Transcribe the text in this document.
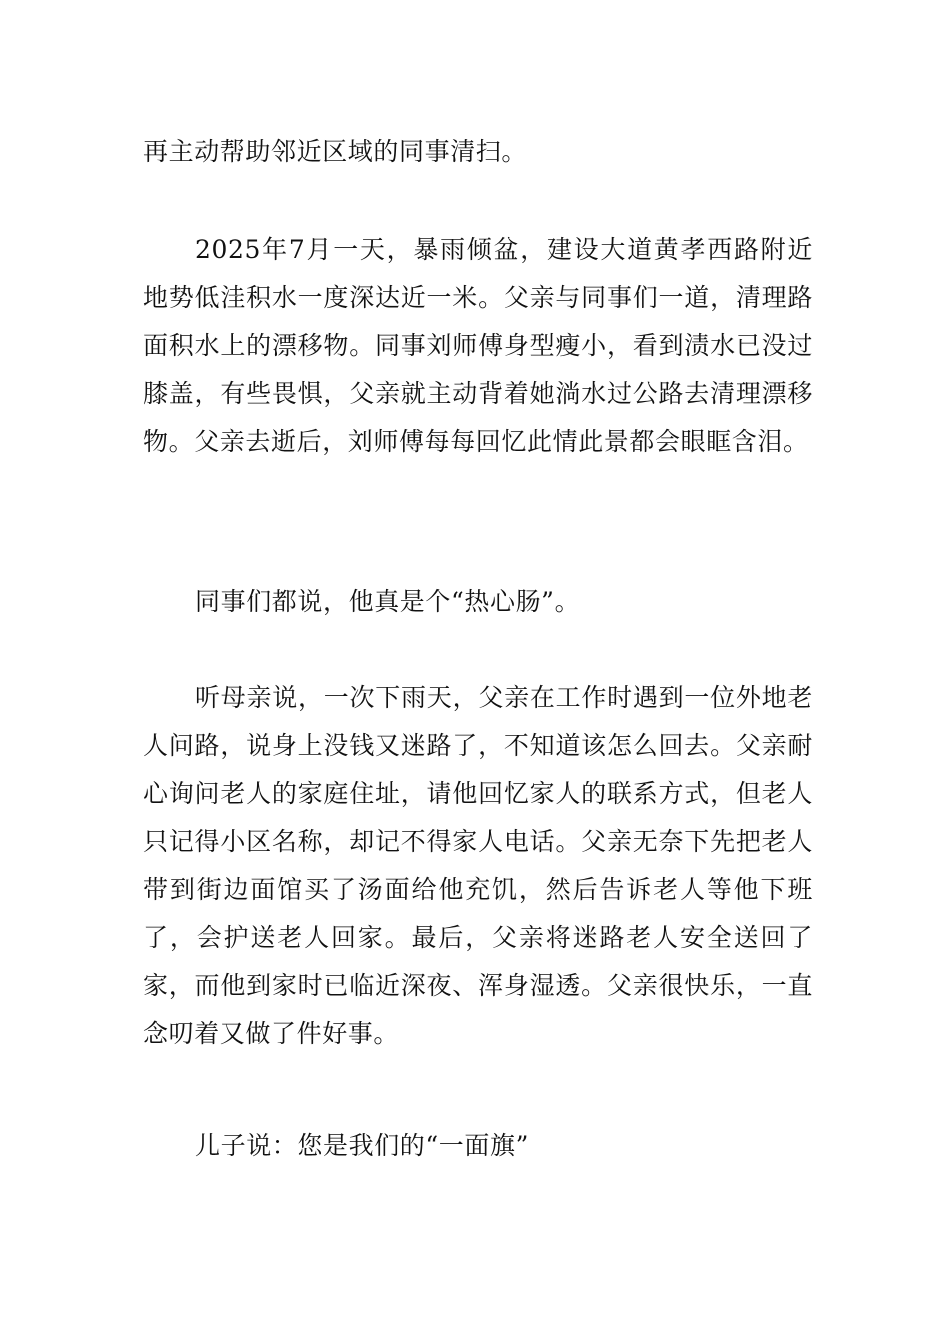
再主动帮助邻近区域的同事清扫。

2025年7月一天，暴雨倾盆，建设大道黄孝西路附近地势低洼积水一度深达近一米。父亲与同事们一道，清理路面积水上的漂移物。同事刘师傅身型瘦小，看到渍水已没过膝盖，有些畏惧，父亲就主动背着她淌水过公路去清理漂移物。父亲去逝后，刘师傅每每回忆此情此景都会眼眶含泪。

同事们都说，他真是个“热心肠”。

听母亲说，一次下雨天，父亲在工作时遇到一位外地老人问路，说身上没钱又迷路了，不知道该怎么回去。父亲耐心询问老人的家庭住址，请他回忆家人的联系方式，但老人只记得小区名称，却记不得家人电话。父亲无奈下先把老人带到街边面馆买了汤面给他充饥，然后告诉老人等他下班了，会护送老人回家。最后，父亲将迷路老人安全送回了家，而他到家时已临近深夜、浑身湿透。父亲很快乐，一直念叨着又做了件好事。

儿子说：您是我们的“一面旗”
